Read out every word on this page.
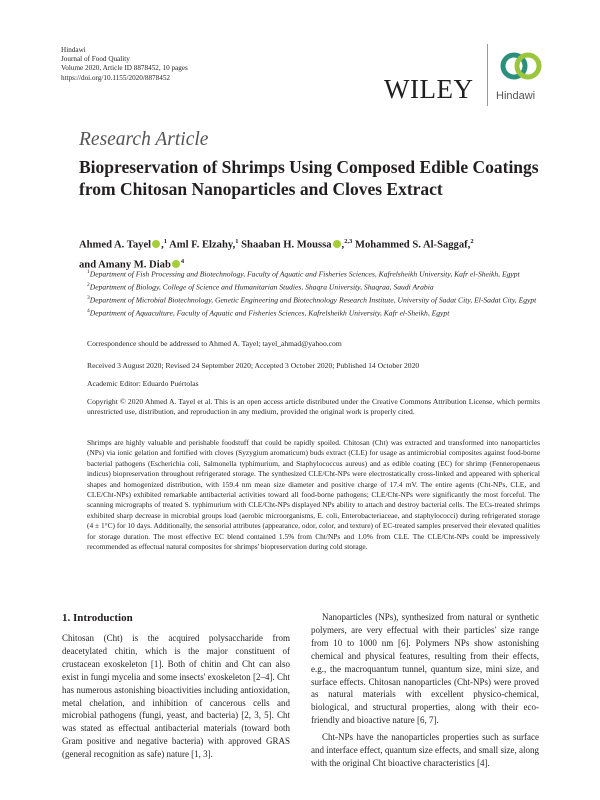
Hindawi
Journal of Food Quality
Volume 2020, Article ID 8878452, 10 pages
https://doi.org/10.1155/2020/8878452	WILEY Hindawi
Research Article
Biopreservation of Shrimps Using Composed Edible Coatings from Chitosan Nanoparticles and Cloves Extract
Ahmed A. Tayel ,$^1$ Aml F. Elzahy,$^1$ Shaaban H. Moussa ,$^{2,3}$ Mohammed S. Al-Saggaf,$^2$
and Amany M. Diab $^4$
$^1$Department of Fish Processing and Biotechnology, Faculty of Aquatic and Fisheries Sciences, Kafrelsheikh University, Kafr el-Sheikh, Egypt
$^2$Department of Biology, College of Science and Humanitarian Studies, Shaqra University, Shaqraa, Saudi Arabia
$^3$Department of Microbial Biotechnology, Genetic Engineering and Biotechnology Research Institute, University of Sadat City, El-Sadat City, Egypt
$^4$Department of Aquaculture, Faculty of Aquatic and Fisheries Sciences, Kafrelsheikh University, Kafr el-Sheikh, Egypt
Correspondence should be addressed to Ahmed A. Tayel; tayel_ahmad@yahoo.com
Received 3 August 2020; Revised 24 September 2020; Accepted 3 October 2020; Published 14 October 2020
Academic Editor: Eduardo Puértolas
Copyright © 2020 Ahmed A. Tayel et al. This is an open access article distributed under the Creative Commons Attribution License, which permits unrestricted use, distribution, and reproduction in any medium, provided the original work is properly cited.
Shrimps are highly valuable and perishable foodstuff that could be rapidly spoiled. Chitosan (Cht) was extracted and transformed into nanoparticles (NPs) via ionic gelation and fortified with cloves (Syzygium aromaticum) buds extract (CLE) for usage as antimicrobial composites against food-borne bacterial pathogens (Escherichia coli, Salmonella typhimurium, and Staphylococcus aureus) and as edible coating (EC) for shrimp (Fenneropenaeus indicus) biopreservation throughout refrigerated storage. The synthesized CLE/Cht-NPs were electrostatically cross-linked and appeared with spherical shapes and homogenized distribution, with 159.4 nm mean size diameter and positive charge of 17.4 mV. The entire agents (Cht-NPs, CLE, and CLE/Cht-NPs) exhibited remarkable antibacterial activities toward all food-borne pathogens; CLE/Cht-NPs were significantly the most forceful. The scanning micrographs of treated S. typhimurium with CLE/Cht-NPs displayed NPs ability to attach and destroy bacterial cells. The ECs-treated shrimps exhibited sharp decrease in microbial groups load (aerobic microorganisms, E. coli, Enterobacteriaceae, and staphylococci) during refrigerated storage (4 ± 1°C) for 10 days. Additionally, the sensorial attributes (appearance, odor, color, and texture) of EC-treated samples preserved their elevated qualities for storage duration. The most effective EC blend contained 1.5% from Cht/NPs and 1.0% from CLE. The CLE/Cht-NPs could be impressively recommended as effectual natural composites for shrimps' biopreservation during cold storage.
1. Introduction

Chitosan (Cht) is the acquired polysaccharide from deacetylated chitin, which is the major constituent of crustacean exoskeleton [1]. Both of chitin and Cht can also exist in fungi mycelia and some insects' exoskeleton [2–4]. Cht has numerous astonishing bioactivities including antioxidation, metal chelation, and inhibition of cancerous cells and microbial pathogens (fungi, yeast, and bacteria) [2, 3, 5]. Cht was stated as effectual antibacterial materials (toward both Gram positive and negative bacteria) with approved GRAS (general recognition as safe) nature [1, 3].

Nanoparticles (NPs), synthesized from natural or synthetic polymers, are very effectual with their particles' size range from 10 to 1000 nm [6]. Polymers NPs show astonishing chemical and physical features, resulting from their effects, e.g., the macroquantum tunnel, quantum size, mini size, and surface effects. Chitosan nanoparticles (Cht-NPs) were proved as natural materials with excellent physico-chemical, biological, and structural properties, along with their eco-friendly and bioactive nature [6, 7].

Cht-NPs have the nanoparticles properties such as surface and interface effect, quantum size effects, and small size, along with the original Cht bioactive characteristics [4].
